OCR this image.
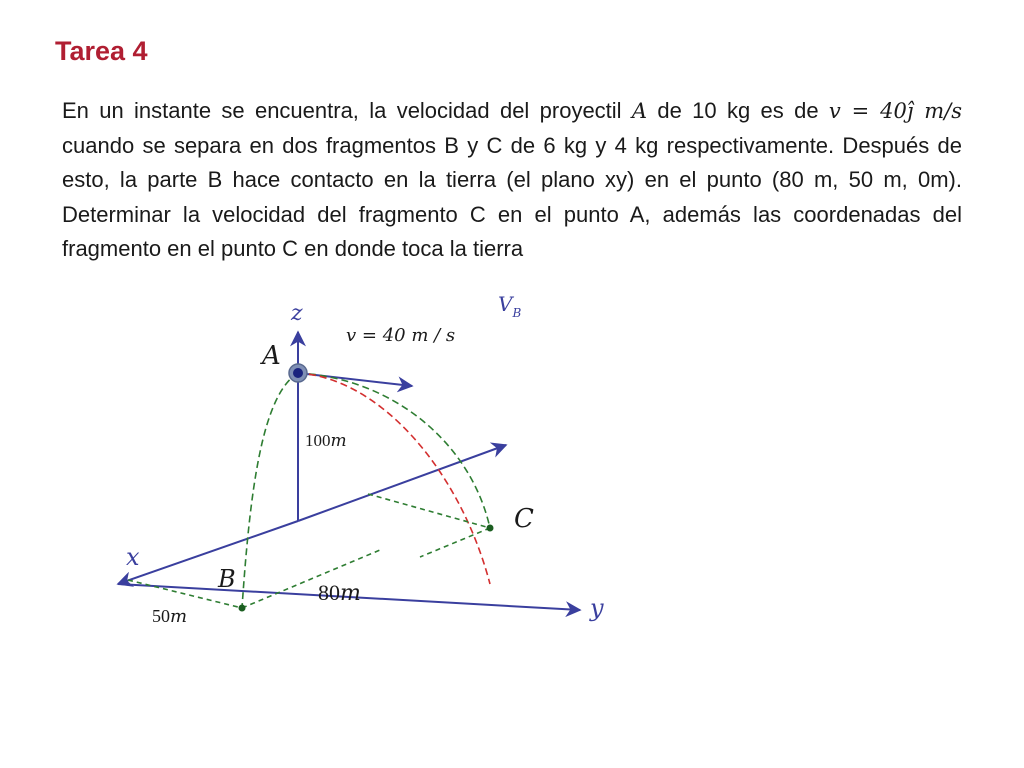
Tarea 4

En un instante se encuentra, la velocidad del proyectil A de 10 kg es de v = 40ĵ m/s cuando se separa en dos fragmentos B y C de 6 kg y 4 kg respectivamente. Después de esto, la parte B hace contacto en la tierra (el plano xy) en el punto (80 m, 50 m, 0m). Determinar la velocidad del fragmento C en el punto A, además las coordenadas del fragmento en el punto C en donde toca la tierra

z
x
y
$V_B$
v = 40 m / s
A
B
C
100m
80m
50m
